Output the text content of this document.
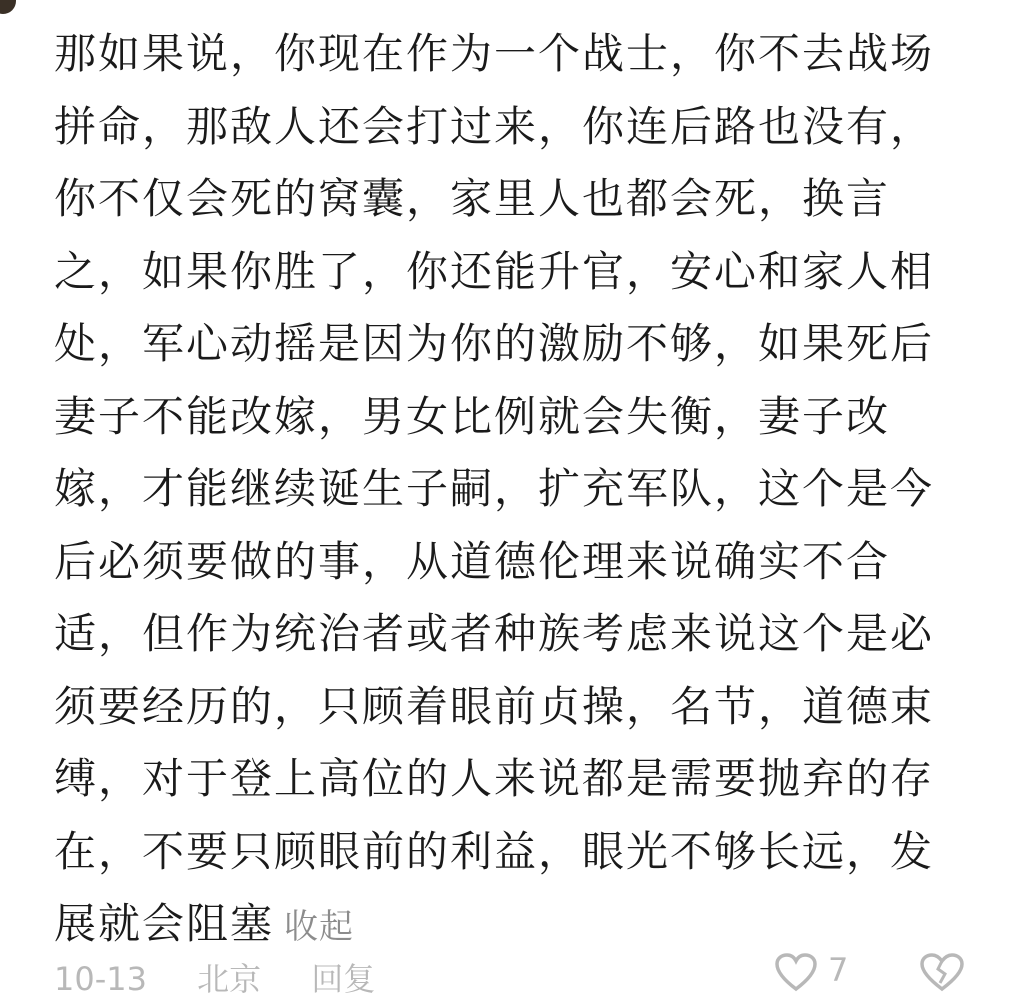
那如果说，你现在作为一个战士，你不去战场
拼命，那敌人还会打过来，你连后路也没有，
你不仅会死的窝囊，家里人也都会死，换言
之，如果你胜了，你还能升官，安心和家人相
处，军心动摇是因为你的激励不够，如果死后
妻子不能改嫁，男女比例就会失衡，妻子改
嫁，才能继续诞生子嗣，扩充军队，这个是今
后必须要做的事，从道德伦理来说确实不合
适，但作为统治者或者种族考虑来说这个是必
须要经历的，只顾着眼前贞操，名节，道德束
缚，对于登上高位的人来说都是需要抛弃的存
在，不要只顾眼前的利益，眼光不够长远，发
展就会阻塞 收起
10-13 北京 回复	7
